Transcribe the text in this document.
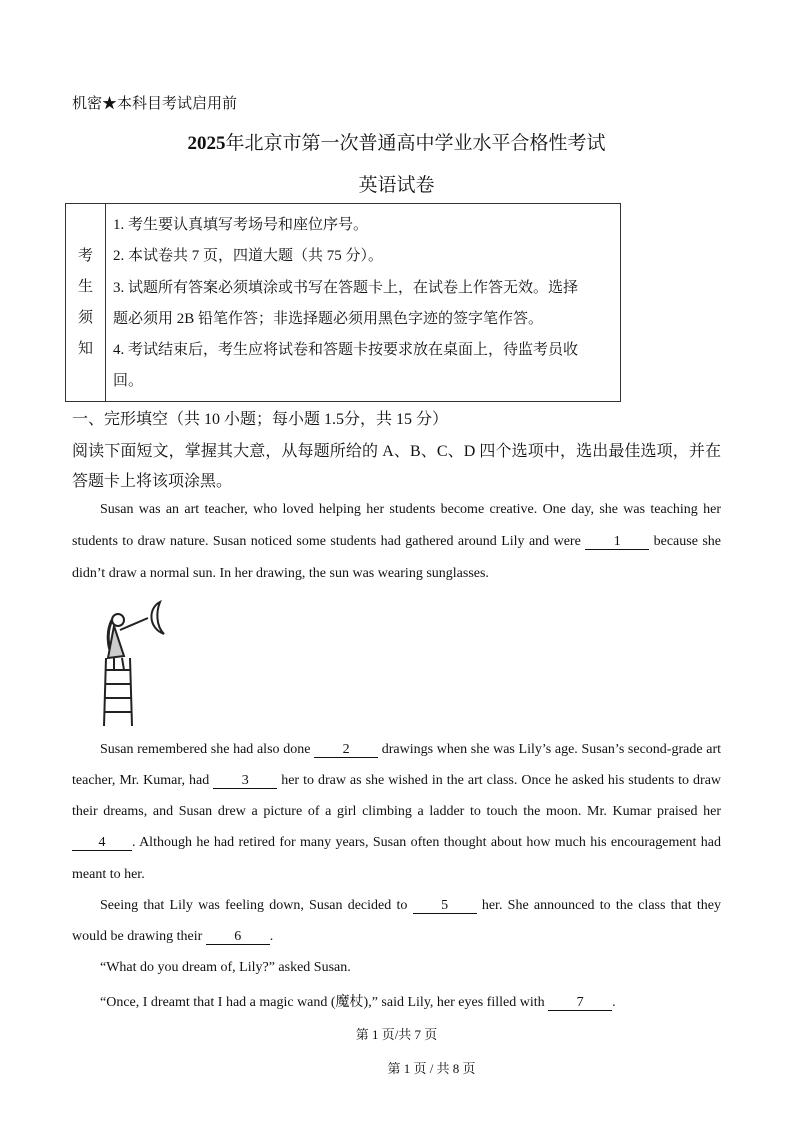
机密★本科目考试启用前
2025年北京市第一次普通高中学业水平合格性考试
英语试卷
考
生
须
知
1. 考生要认真填写考场号和座位序号。
2. 本试卷共 7 页，四道大题（共 75 分）。
3. 试题所有答案必须填涂或书写在答题卡上，在试卷上作答无效。选择
题必须用 2B 铅笔作答；非选择题必须用黑色字迹的签字笔作答。
4. 考试结束后，考生应将试卷和答题卡按要求放在桌面上，待监考员收
回。
一、完形填空（共 10 小题；每小题 1.5分，共 15 分）
阅读下面短文，掌握其大意，从每题所给的 A、B、C、D 四个选项中，选出最佳选项，并在
答题卡上将该项涂黑。
Susan was an art teacher, who loved helping her students become creative. One day, she was teaching her
students to draw nature. Susan noticed some students had gathered around Lily and were 1 because she
didn’t draw a normal sun. In her drawing, the sun was wearing sunglasses.
Susan remembered she had also done 2 drawings when she was Lily’s age. Susan’s second-grade art
teacher, Mr. Kumar, had 3 her to draw as she wished in the art class. Once he asked his students to draw
their dreams, and Susan drew a picture of a girl climbing a ladder to touch the moon. Mr. Kumar praised her
4 . Although he had retired for many years, Susan often thought about how much his encouragement had
meant to her.
Seeing that Lily was feeling down, Susan decided to 5 her. She announced to the class that they
would be drawing their 6 .
“What do you dream of, Lily?” asked Susan.
“Once, I dreamt that I had a magic wand (魔杖),” said Lily, her eyes filled with 7 .
第 1 页/共 7 页
第 1 页 / 共 8 页
